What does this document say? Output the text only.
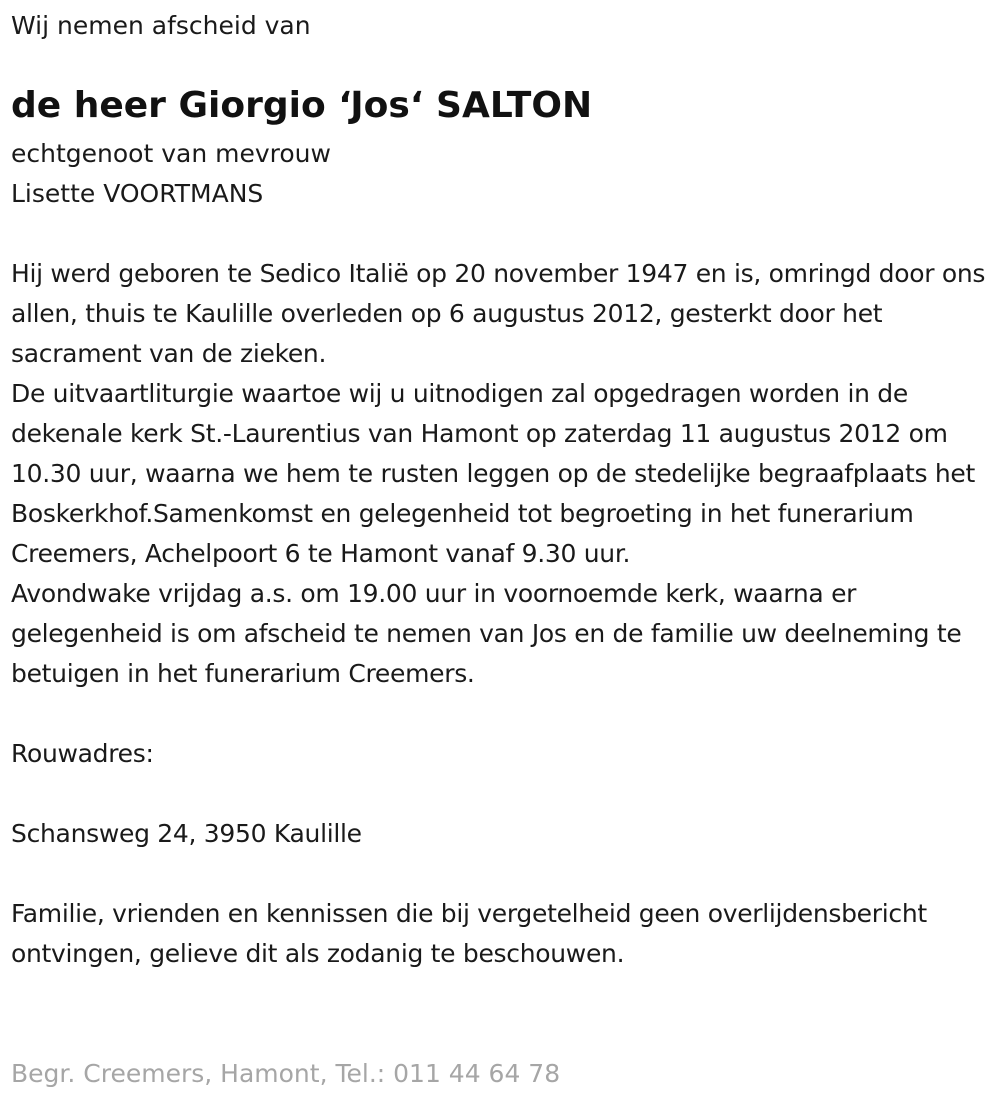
Wij nemen afscheid van
de heer Giorgio ‘Jos‘ SALTON
echtgenoot van mevrouw
Lisette VOORTMANS

Hij werd geboren te Sedico Italië op 20 november 1947 en is, omringd door ons allen, thuis te Kaulille overleden op 6 augustus 2012, gesterkt door het sacrament van de zieken.

De uitvaartliturgie waartoe wij u uitnodigen zal opgedragen worden in de dekenale kerk St.-Laurentius van Hamont op zaterdag 11 augustus 2012 om 10.30 uur, waarna we hem te rusten leggen op de stedelijke begraafplaats het Boskerkhof.Samenkomst en gelegenheid tot begroeting in het funerarium Creemers, Achelpoort 6 te Hamont vanaf 9.30 uur.

Avondwake vrijdag a.s. om 19.00 uur in voornoemde kerk, waarna er gelegenheid is om afscheid te nemen van Jos en de familie uw deelneming te betuigen in het funerarium Creemers.

Rouwadres:

Schansweg 24, 3950 Kaulille

Familie, vrienden en kennissen die bij vergetelheid geen overlijdensbericht ontvingen, gelieve dit als zodanig te beschouwen.

Begr. Creemers, Hamont, Tel.: 011 44 64 78
